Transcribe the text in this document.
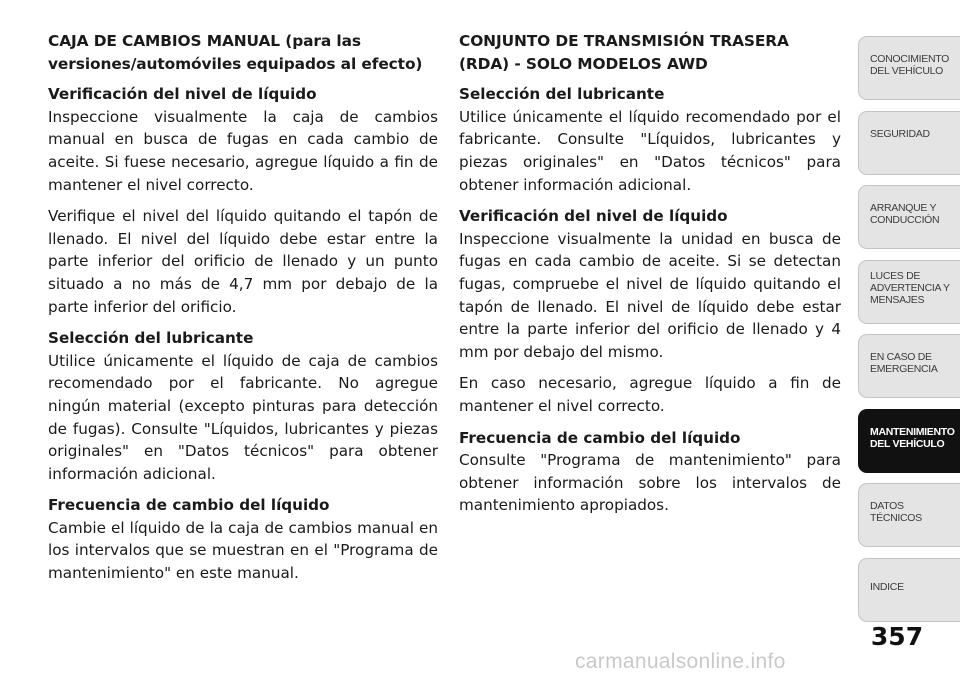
CAJA DE CAMBIOS MANUAL (para las versiones/automóviles equipados al efecto)
Verificación del nivel de líquido

Inspeccione visualmente la caja de cambios manual en busca de fugas en cada cambio de aceite. Si fuese necesario, agregue líquido a fin de mantener el nivel correcto.

Verifique el nivel del líquido quitando el tapón de llenado. El nivel del líquido debe estar entre la parte inferior del orificio de llenado y un punto situado a no más de 4,7 mm por debajo de la parte inferior del orificio.

Selección del lubricante

Utilice únicamente el líquido de caja de cambios recomendado por el fabricante. No agregue ningún material (excepto pinturas para detección de fugas). Consulte "Líquidos, lubricantes y piezas originales" en "Datos técnicos" para obtener información adicional.

Frecuencia de cambio del líquido

Cambie el líquido de la caja de cambios manual en los intervalos que se muestran en el "Programa de mantenimiento" en este manual.

CONJUNTO DE TRANSMISIÓN TRASERA (RDA) - SOLO MODELOS AWD
Selección del lubricante

Utilice únicamente el líquido recomendado por el fabricante. Consulte "Líquidos, lubricantes y piezas originales" en "Datos técnicos" para obtener información adicional.

Verificación del nivel de líquido

Inspeccione visualmente la unidad en busca de fugas en cada cambio de aceite. Si se detectan fugas, compruebe el nivel de líquido quitando el tapón de llenado. El nivel de líquido debe estar entre la parte inferior del orificio de llenado y 4 mm por debajo del mismo.

En caso necesario, agregue líquido a fin de mantener el nivel correcto.

Frecuencia de cambio del líquido

Consulte "Programa de mantenimiento" para obtener información sobre los intervalos de mantenimiento apropiados.

CONOCIMIENTO
DEL VEHÍCULO
SEGURIDAD
ARRANQUE Y
CONDUCCIÓN
LUCES DE
ADVERTENCIA Y
MENSAJES
EN CASO DE
EMERGENCIA
MANTENIMIENTO
DEL VEHÍCULO
DATOS
TÉCNICOS
INDICE
357
carmanualsonline.info
